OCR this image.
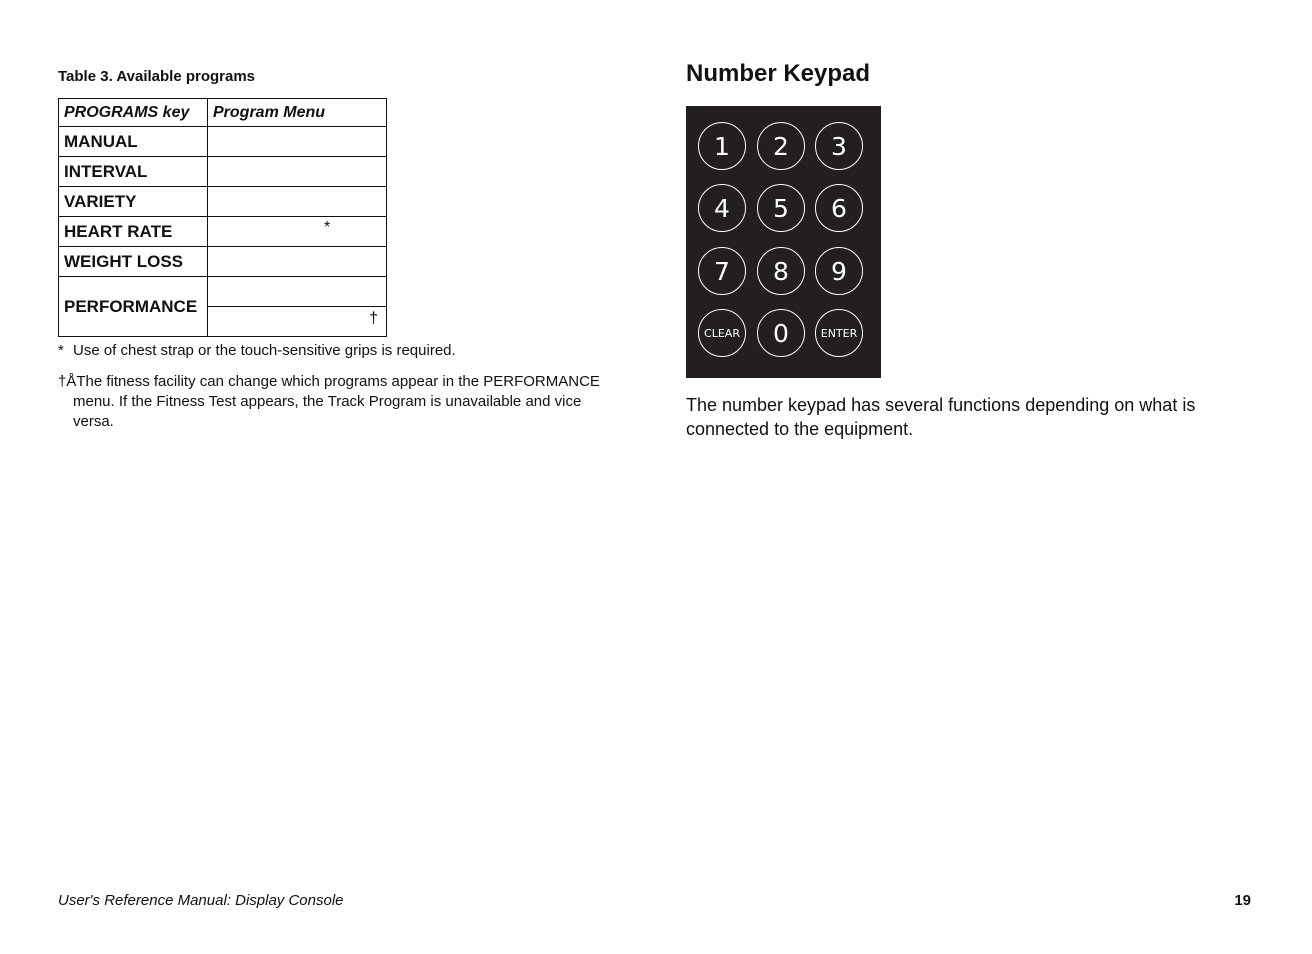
Table 3. Available programs

PROGRAMS key	Program Menu
MANUAL	
INTERVAL	
VARIETY	
HEART RATE	*

WEIGHT LOSS	
PERFORMANCE	

	†

* Use of chest strap or the touch-sensitive grips is required.

†ÅThe fitness facility can change which programs appear in the PERFORMANCE menu. If the Fitness Test appears, the Track Program is unavailable and vice versa.

Number Keypad
1	2	3
4	5	6
7	8	9
CLEAR	0	ENTER

The number keypad has several functions depending on what is connected to the equipment.

User's Reference Manual: Display Console	19
